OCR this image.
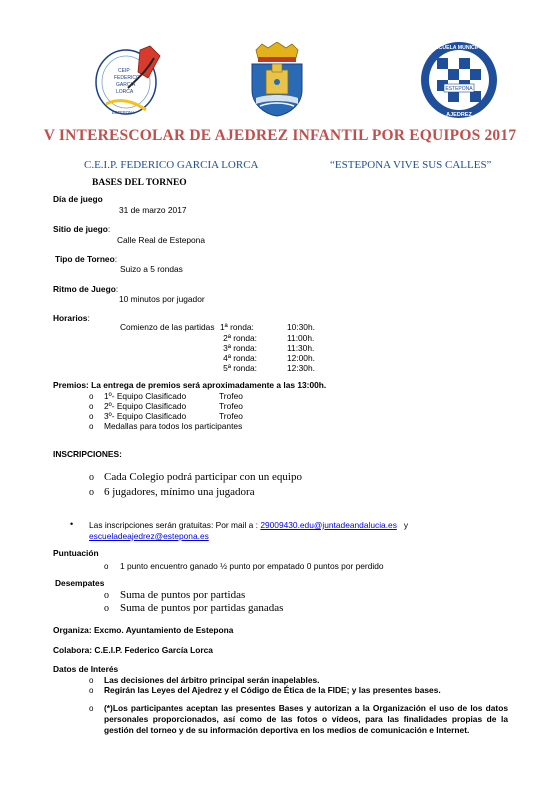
CEIP
FEDERICO
GARCIA
LORCA
ESTEPONA
ESTEPONA
ESCUELA MUNICIPAL
AJEDREZ
V INTERESCOLAR DE AJEDREZ INFANTIL POR EQUIPOS 2017
C.E.I.P. FEDERICO GARCIA LORCA	“ESTEPONA VIVE SUS CALLES”
BASES DEL TORNEO
Día de juego
31 de marzo 2017
Sitio de juego:
Calle Real de Estepona
Tipo de Torneo:
Suizo a 5 rondas
Ritmo de Juego:
10 minutos por jugador
Horarios:
Comienzo de las partidas 1ª ronda:	10:30h.
2ª ronda:	11:00h.
3ª ronda:	11:30h.
4ª ronda:	12:00h.
5ª ronda:	12:30h.
Premios: La entrega de premios será aproximadamente a las 13:00h.
o 1º- Equipo Clasificado	Trofeo
o 2º- Equipo Clasificado	Trofeo
o 3º- Equipo Clasificado	Trofeo
o Medallas para todos los participantes
INSCRIPCIONES:
o Cada Colegio podrá participar con un equipo
o 6 jugadores, mínimo una jugadora
• Las inscripciones serán gratuitas: Por mail a : 29009430.edu@juntadeandalucia.es y
escueladeajedrez@estepona.es
Puntuación
o 1 punto encuentro ganado ½ punto por empatado 0 puntos por perdido
Desempates
o Suma de puntos por partidas
o Suma de puntos por partidas ganadas
Organiza: Excmo. Ayuntamiento de Estepona
Colabora: C.E.I.P. Federico García Lorca
Datos de Interés
o Las decisiones del árbitro principal serán inapelables.
o Regirán las Leyes del Ajedrez y el Código de Ética de la FIDE; y las presentes bases.
o (*)Los participantes aceptan las presentes Bases y autorizan a la Organización el uso de los datos personales proporcionados, así como de las fotos o vídeos, para las finalidades propias de la gestión del torneo y de su información deportiva en los medios de comunicación e Internet.
